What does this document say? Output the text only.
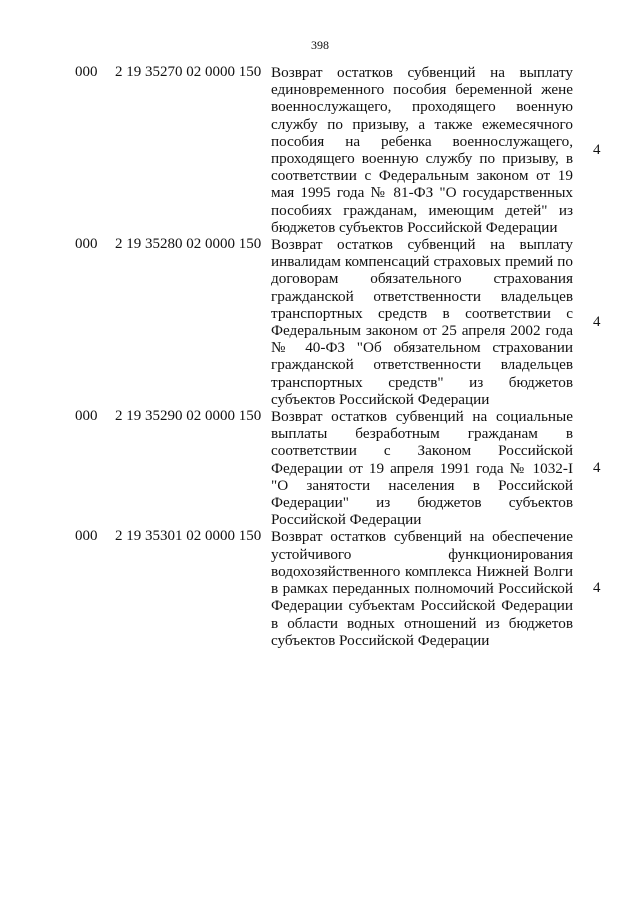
398
000 2 19 35270 02 0000 150 Возврат остатков субвенций на выплату единовременного пособия беременной жене военнослужащего, проходящего военную службу по призыву, а также ежемесячного пособия на ребенка военнослужащего, проходящего военную службу по призыву, в соответствии с Федеральным законом от 19 мая 1995 года № 81-ФЗ "О государственных пособиях гражданам, имеющим детей" из бюджетов субъектов Российской Федерации
4
000 2 19 35280 02 0000 150 Возврат остатков субвенций на выплату инвалидам компенсаций страховых премий по договорам обязательного страхования гражданской ответственности владельцев транспортных средств в соответствии с Федеральным законом от 25 апреля 2002 года № 40-ФЗ "Об обязательном страховании гражданской ответственности владельцев транспортных средств" из бюджетов субъектов Российской Федерации
4
000 2 19 35290 02 0000 150 Возврат остатков субвенций на социальные выплаты безработным гражданам в соответствии с Законом Российской Федерации от 19 апреля 1991 года № 1032-I "О занятости населения в Российской Федерации" из бюджетов субъектов Российской Федерации
4
000 2 19 35301 02 0000 150 Возврат остатков субвенций на обеспечение устойчивого функционирования водохозяйственного комплекса Нижней Волги в рамках переданных полномочий Российской Федерации субъектам Российской Федерации в области водных отношений из бюджетов субъектов Российской Федерации
4
